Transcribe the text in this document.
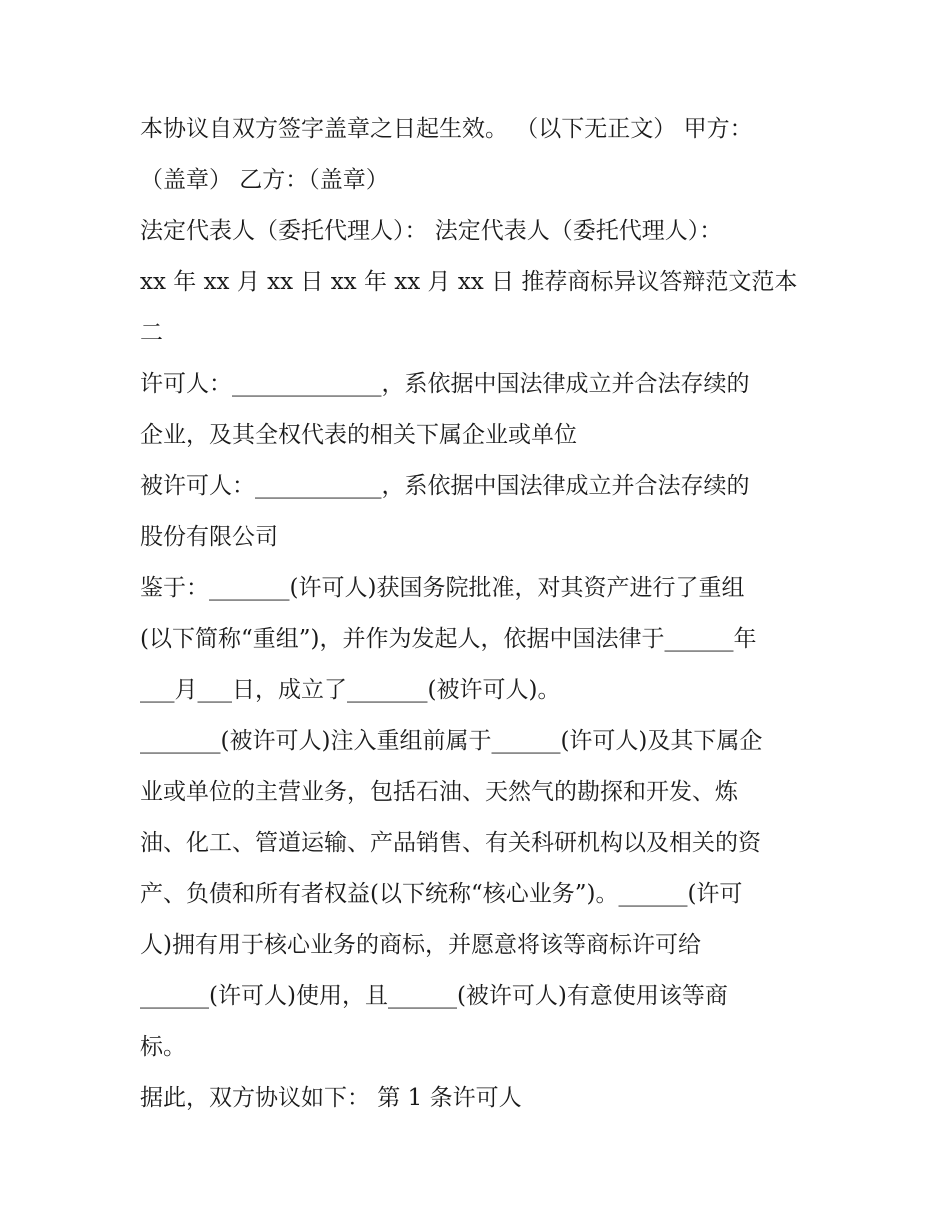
本协议自双方签字盖章之日起生效。 （以下无正文） 甲方：
（盖章） 乙方：（盖章）
法定代表人（委托代理人）： 法定代表人（委托代理人）：
xx 年 xx 月 xx 日 xx 年 xx 月 xx 日 推荐商标异议答辩范文范本
二
许可人：_____________，系依据中国法律成立并合法存续的
企业，及其全权代表的相关下属企业或单位
被许可人：___________，系依据中国法律成立并合法存续的
股份有限公司
鉴于：_______(许可人)获国务院批准，对其资产进行了重组
(以下简称“重组”)，并作为发起人，依据中国法律于______年
___月___日，成立了_______(被许可人)。
_______(被许可人)注入重组前属于______(许可人)及其下属企
业或单位的主营业务，包括石油、天然气的勘探和开发、炼
油、化工、管道运输、产品销售、有关科研机构以及相关的资
产、负债和所有者权益(以下统称“核心业务”)。______(许可
人)拥有用于核心业务的商标，并愿意将该等商标许可给
______(许可人)使用，且______(被许可人)有意使用该等商
标。
据此，双方协议如下： 第 1 条许可人
